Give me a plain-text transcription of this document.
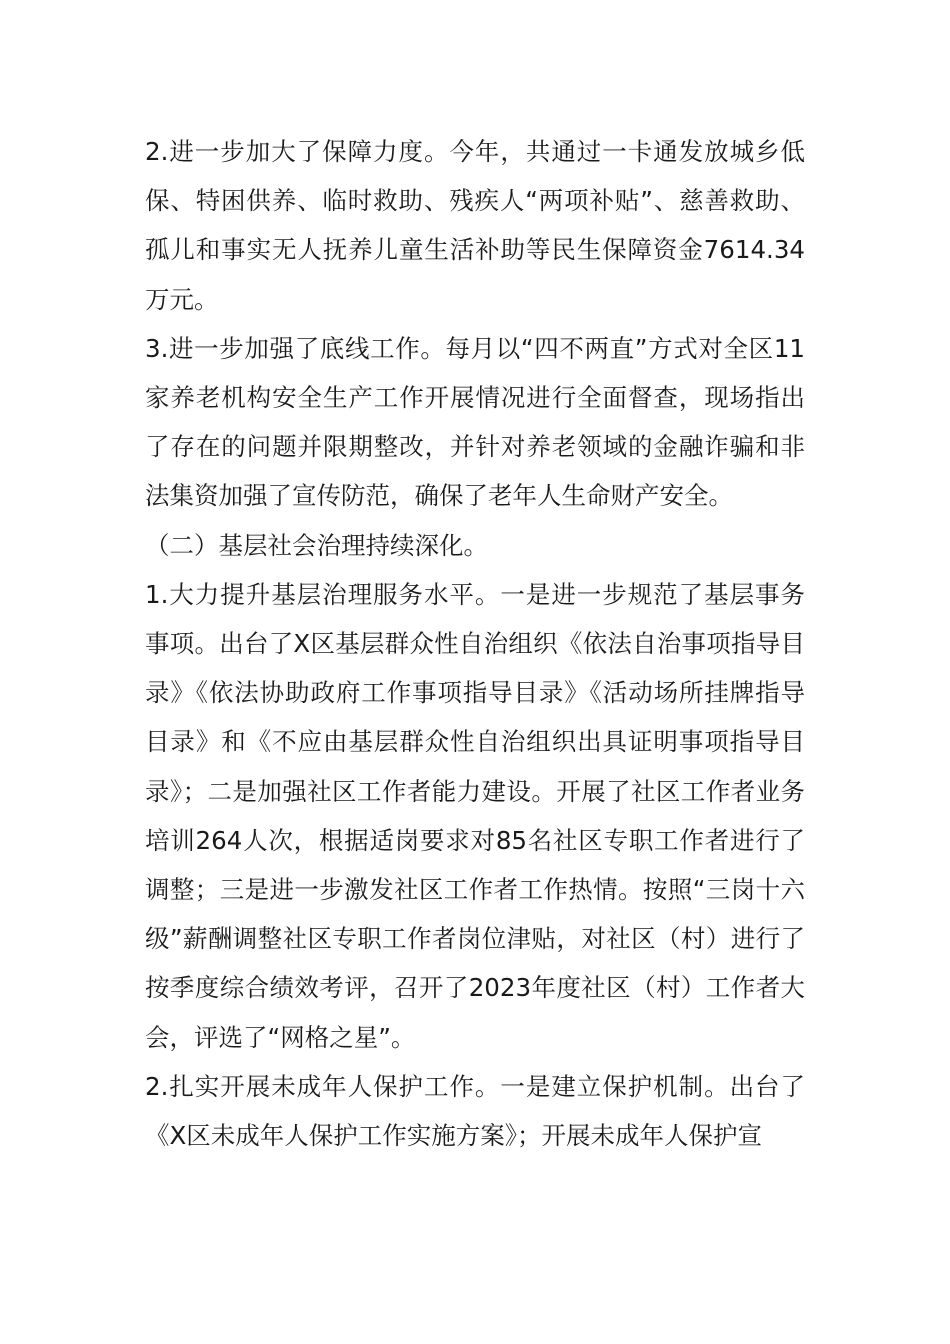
2.进一步加大了保障力度。今年，共通过一卡通发放城乡低保、特困供养、临时救助、残疾人“两项补贴”、慈善救助、孤儿和事实无人抚养儿童生活补助等民生保障资金7614.34万元。

3.进一步加强了底线工作。每月以“四不两直”方式对全区11家养老机构安全生产工作开展情况进行全面督查，现场指出了存在的问题并限期整改，并针对养老领域的金融诈骗和非法集资加强了宣传防范，确保了老年人生命财产安全。

（二）基层社会治理持续深化。

1.大力提升基层治理服务水平。一是进一步规范了基层事务事项。出台了X区基层群众性自治组织《依法自治事项指导目录》《依法协助政府工作事项指导目录》《活动场所挂牌指导目录》和《不应由基层群众性自治组织出具证明事项指导目录》；二是加强社区工作者能力建设。开展了社区工作者业务培训264人次，根据适岗要求对85名社区专职工作者进行了调整；三是进一步激发社区工作者工作热情。按照“三岗十六级”薪酬调整社区专职工作者岗位津贴，对社区（村）进行了按季度综合绩效考评，召开了2023年度社区（村）工作者大会，评选了“网格之星”。

2.扎实开展未成年人保护工作。一是建立保护机制。出台了《X区未成年人保护工作实施方案》；开展未成年人保护宣
